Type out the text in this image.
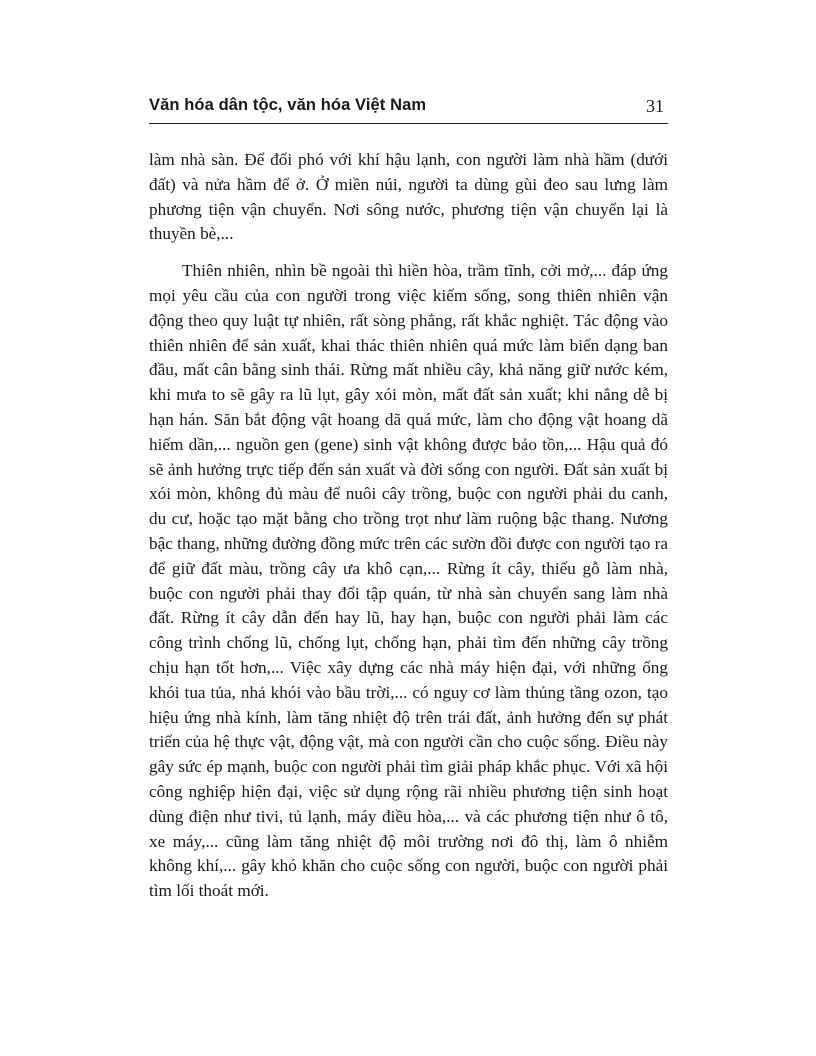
Văn hóa dân tộc, văn hóa Việt Nam	31

làm nhà sàn. Để đối phó với khí hậu lạnh, con người làm nhà hầm (dưới đất) và nửa hầm để ở. Ở miền núi, người ta dùng gùi đeo sau lưng làm phương tiện vận chuyển. Nơi sông nước, phương tiện vận chuyển lại là thuyền bè,...

Thiên nhiên, nhìn bề ngoài thì hiền hòa, trầm tĩnh, cởi mở,... đáp ứng mọi yêu cầu của con người trong việc kiếm sống, song thiên nhiên vận động theo quy luật tự nhiên, rất sòng phẳng, rất khắc nghiệt. Tác động vào thiên nhiên để sản xuất, khai thác thiên nhiên quá mức làm biến dạng ban đầu, mất cân bằng sinh thái. Rừng mất nhiều cây, khả năng giữ nước kém, khi mưa to sẽ gây ra lũ lụt, gây xói mòn, mất đất sản xuất; khi nắng dễ bị hạn hán. Săn bắt động vật hoang dã quá mức, làm cho động vật hoang dã hiếm dần,... nguồn gen (gene) sinh vật không được bảo tồn,... Hậu quả đó sẽ ảnh hưởng trực tiếp đến sản xuất và đời sống con người. Đất sản xuất bị xói mòn, không đủ màu để nuôi cây trồng, buộc con người phải du canh, du cư, hoặc tạo mặt bằng cho trồng trọt như làm ruộng bậc thang. Nương bậc thang, những đường đồng mức trên các sườn đồi được con người tạo ra để giữ đất màu, trồng cây ưa khô cạn,... Rừng ít cây, thiếu gỗ làm nhà, buộc con người phải thay đổi tập quán, từ nhà sàn chuyển sang làm nhà đất. Rừng ít cây dẫn đến hay lũ, hay hạn, buộc con người phải làm các công trình chống lũ, chống lụt, chống hạn, phải tìm đến những cây trồng chịu hạn tốt hơn,... Việc xây dựng các nhà máy hiện đại, với những ống khói tua tủa, nhả khói vào bầu trời,... có nguy cơ làm thủng tầng ozon, tạo hiệu ứng nhà kính, làm tăng nhiệt độ trên trái đất, ảnh hưởng đến sự phát triển của hệ thực vật, động vật, mà con người cần cho cuộc sống. Điều này gây sức ép mạnh, buộc con người phải tìm giải pháp khắc phục. Với xã hội công nghiệp hiện đại, việc sử dụng rộng rãi nhiều phương tiện sinh hoạt dùng điện như tivi, tủ lạnh, máy điều hòa,... và các phương tiện như ô tô, xe máy,... cũng làm tăng nhiệt độ môi trường nơi đô thị, làm ô nhiễm không khí,... gây khó khăn cho cuộc sống con người, buộc con người phải tìm lối thoát mới.
